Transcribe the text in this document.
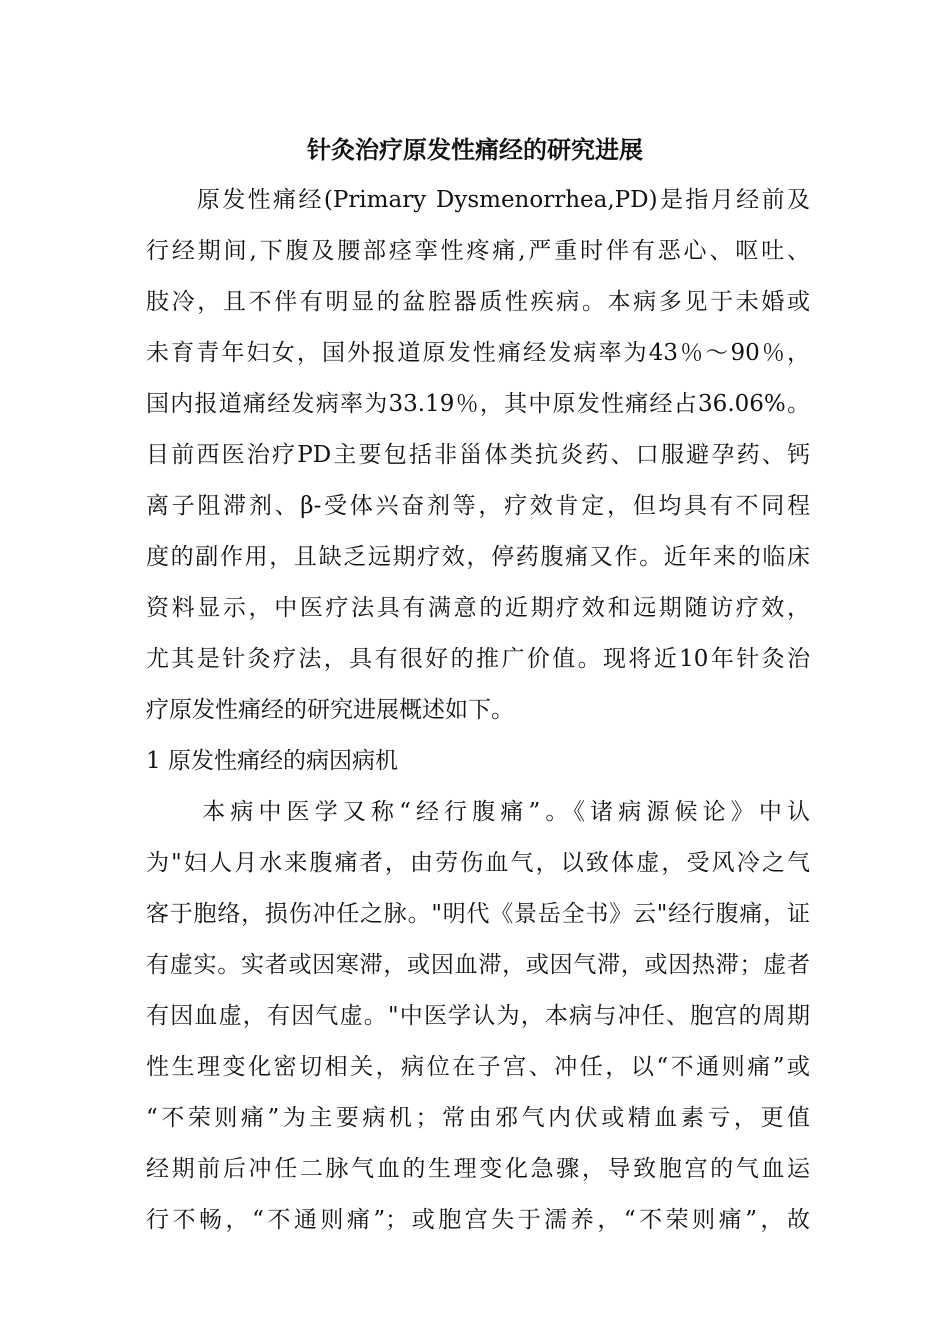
针灸治疗原发性痛经的研究进展
　　原发性痛经(Primary Dysmenorrhea,PD)是指月经前及
行经期间,下腹及腰部痉挛性疼痛,严重时伴有恶心、呕吐、
肢冷，且不伴有明显的盆腔器质性疾病。本病多见于未婚或
未育青年妇女，国外报道原发性痛经发病率为43％～90％，
国内报道痛经发病率为33.19％，其中原发性痛经占36.06%。
目前西医治疗PD主要包括非甾体类抗炎药、口服避孕药、钙
离子阻滞剂、β-受体兴奋剂等，疗效肯定，但均具有不同程
度的副作用，且缺乏远期疗效，停药腹痛又作。近年来的临床
资料显示，中医疗法具有满意的近期疗效和远期随访疗效，
尤其是针灸疗法，具有很好的推广价值。现将近10年针灸治
疗原发性痛经的研究进展概述如下。
1 原发性痛经的病因病机
　　本病中医学又称“经行腹痛”。《诸病源候论》中认
为"妇人月水来腹痛者，由劳伤血气，以致体虚，受风冷之气
客于胞络，损伤冲任之脉。"明代《景岳全书》云"经行腹痛，证
有虚实。实者或因寒滞，或因血滞，或因气滞，或因热滞；虚者
有因血虚，有因气虚。"中医学认为，本病与冲任、胞宫的周期
性生理变化密切相关，病位在子宫、冲任，以“不通则痛”或
“不荣则痛”为主要病机；常由邪气内伏或精血素亏，更值
经期前后冲任二脉气血的生理变化急骤，导致胞宫的气血运
行不畅，“不通则痛”；或胞宫失于濡养，“不荣则痛”，故
